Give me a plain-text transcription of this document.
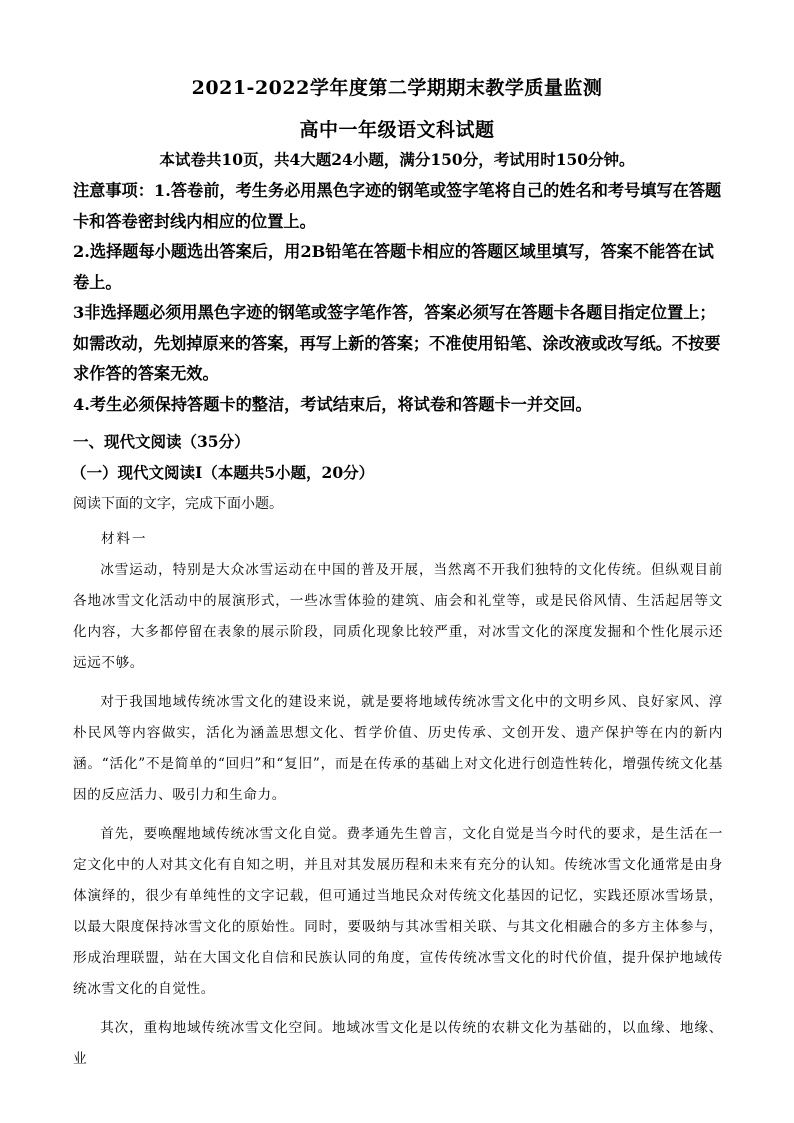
2021-2022学年度第二学期期末教学质量监测
高中一年级语文科试题
本试卷共10页，共4大题24小题，满分150分，考试用时150分钟。

注意事项：1.答卷前，考生务必用黑色字迹的钢笔或签字笔将自己的姓名和考号填写在答题卡和答卷密封线内相应的位置上。

2.选择题每小题选出答案后，用2B铅笔在答题卡相应的答题区域里填写，答案不能答在试卷上。

3非选择题必须用黑色字迹的钢笔或签字笔作答，答案必须写在答题卡各题目指定位置上；如需改动，先划掉原来的答案，再写上新的答案；不准使用铅笔、涂改液或改写纸。不按要求作答的答案无效。

4.考生必须保持答题卡的整洁，考试结束后，将试卷和答题卡一并交回。

一、现代文阅读（35分）
（一）现代文阅读Ⅰ（本题共5小题，20分）
阅读下面的文字，完成下面小题。
材料一

冰雪运动，特别是大众冰雪运动在中国的普及开展，当然离不开我们独特的文化传统。但纵观目前各地冰雪文化活动中的展演形式，一些冰雪体验的建筑、庙会和礼堂等，或是民俗风情、生活起居等文化内容，大多都停留在表象的展示阶段，同质化现象比较严重，对冰雪文化的深度发掘和个性化展示还远远不够。

对于我国地域传统冰雪文化的建设来说，就是要将地域传统冰雪文化中的文明乡风、良好家风、淳朴民风等内容做实，活化为涵盖思想文化、哲学价值、历史传承、文创开发、遗产保护等在内的新内涵。“活化”不是简单的“回归”和“复旧”，而是在传承的基础上对文化进行创造性转化，增强传统文化基因的反应活力、吸引力和生命力。

首先，要唤醒地域传统冰雪文化自觉。费孝通先生曾言，文化自觉是当今时代的要求，是生活在一定文化中的人对其文化有自知之明，并且对其发展历程和未来有充分的认知。传统冰雪文化通常是由身体演绎的，很少有单纯性的文字记载，但可通过当地民众对传统文化基因的记忆，实践还原冰雪场景，以最大限度保持冰雪文化的原始性。同时，要吸纳与其冰雪相关联、与其文化相融合的多方主体参与，形成治理联盟，站在大国文化自信和民族认同的角度，宣传传统冰雪文化的时代价值，提升保护地域传统冰雪文化的自觉性。

其次，重构地域传统冰雪文化空间。地域冰雪文化是以传统的农耕文化为基础的，以血缘、地缘、业
